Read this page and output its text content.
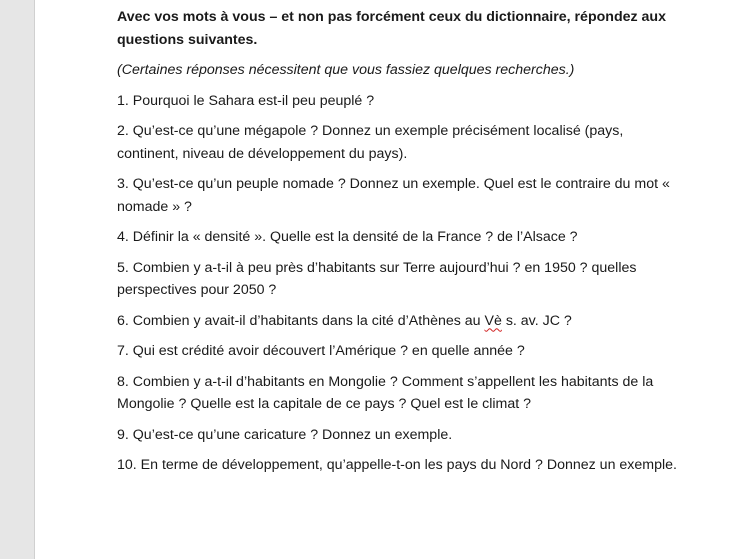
Avec vos mots à vous – et non pas forcément ceux du dictionnaire, répondez aux questions suivantes.

(Certaines réponses nécessitent que vous fassiez quelques recherches.)

1. Pourquoi le Sahara est-il peu peuplé ?

2. Qu’est-ce qu’une mégapole ? Donnez un exemple précisément localisé (pays, continent, niveau de développement du pays).

3. Qu’est-ce qu’un peuple nomade ? Donnez un exemple. Quel est le contraire du mot « nomade » ?

4. Définir la « densité ». Quelle est la densité de la France ? de l’Alsace ?

5. Combien y a-t-il à peu près d’habitants sur Terre aujourd’hui ? en 1950 ? quelles perspectives pour 2050 ?

6. Combien y avait-il d’habitants dans la cité d’Athènes au Vè s. av. JC ?

7. Qui est crédité avoir découvert l’Amérique ? en quelle année ?

8. Combien y a-t-il d’habitants en Mongolie ? Comment s’appellent les habitants de la Mongolie ? Quelle est la capitale de ce pays ? Quel est le climat ?

9. Qu’est-ce qu’une caricature ? Donnez un exemple.

10. En terme de développement, qu’appelle-t-on les pays du Nord ? Donnez un exemple.
